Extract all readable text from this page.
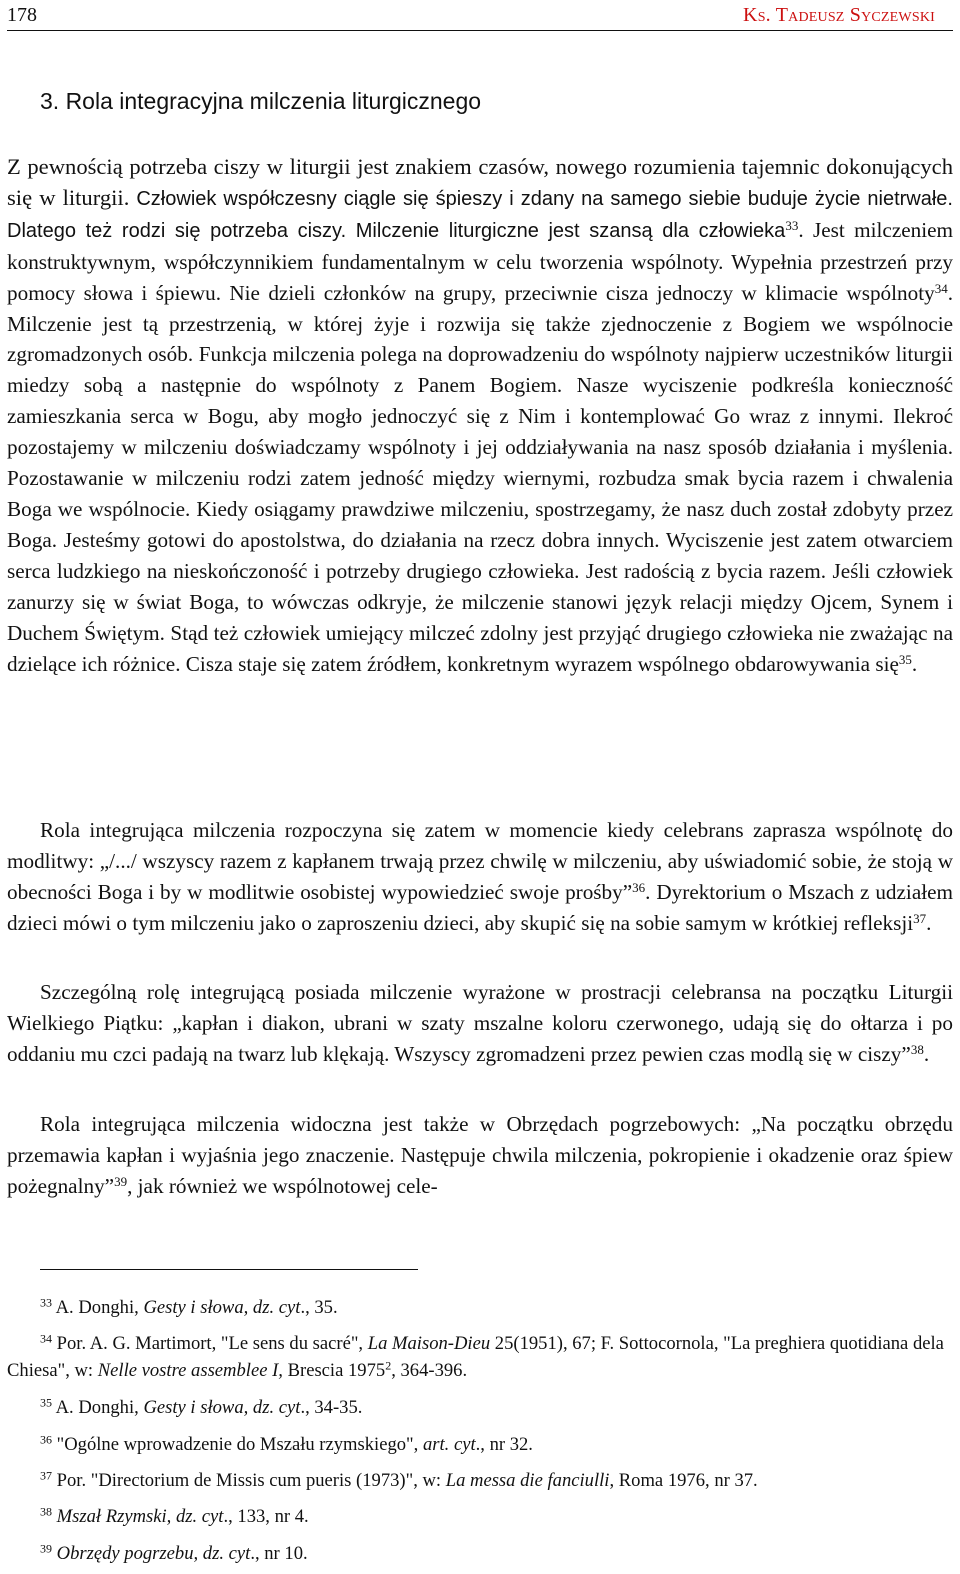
178	Ks. Tadeusz Syczewski
3. Rola integracyjna milczenia liturgicznego
Z pewnością potrzeba ciszy w liturgii jest znakiem czasów, nowego rozumienia tajemnic dokonujących się w liturgii. Człowiek współczesny ciągle się śpieszy i zdany na samego siebie buduje życie nietrwałe. Dlatego też rodzi się potrzeba ciszy. Milczenie liturgiczne jest szansą dla człowieka$^{33}$. Jest milczeniem konstruktywnym, współczynnikiem fundamentalnym w celu tworzenia wspólnoty. Wypełnia przestrzeń przy pomocy słowa i śpiewu. Nie dzieli członków na grupy, przeciwnie cisza jednoczy w klimacie wspólnoty$^{34}$. Milczenie jest tą przestrzenią, w której żyje i rozwija się także zjednoczenie z Bogiem we wspólnocie zgromadzonych osób. Funkcja milczenia polega na doprowadzeniu do wspólnoty najpierw uczestników liturgii miedzy sobą a następnie do wspólnoty z Panem Bogiem. Nasze wyciszenie podkreśla konieczność zamieszkania serca w Bogu, aby mogło jednoczyć się z Nim i kontemplować Go wraz z innymi. Ilekroć pozostajemy w milczeniu doświadczamy wspólnoty i jej oddziaływania na nasz sposób działania i myślenia. Pozostawanie w milczeniu rodzi zatem jedność między wiernymi, rozbudza smak bycia razem i chwalenia Boga we wspólnocie. Kiedy osiągamy prawdziwe milczeniu, spostrzegamy, że nasz duch został zdobyty przez Boga. Jesteśmy gotowi do apostolstwa, do działania na rzecz dobra innych. Wyciszenie jest zatem otwarciem serca ludzkiego na nieskończoność i potrzeby drugiego człowieka. Jest radością z bycia razem. Jeśli człowiek zanurzy się w świat Boga, to wówczas odkryje, że milczenie stanowi język relacji między Ojcem, Synem i Duchem Świętym. Stąd też człowiek umiejący milczeć zdolny jest przyjąć drugiego człowieka nie zważając na dzielące ich różnice. Cisza staje się zatem źródłem, konkretnym wyrazem wspólnego obdarowywania się$^{35}$.
Rola integrująca milczenia rozpoczyna się zatem w momencie kiedy celebrans zaprasza wspólnotę do modlitwy: „/.../ wszyscy razem z kapłanem trwają przez chwilę w milczeniu, aby uświadomić sobie, że stoją w obecności Boga i by w modlitwie osobistej wypowiedzieć swoje prośby”$^{36}$. Dyrektorium o Mszach z udziałem dzieci mówi o tym milczeniu jako o zaproszeniu dzieci, aby skupić się na sobie samym w krótkiej refleksji$^{37}$.
Szczególną rolę integrującą posiada milczenie wyrażone w prostracji celebransa na początku Liturgii Wielkiego Piątku: „kapłan i diakon, ubrani w szaty mszalne koloru czerwonego, udają się do ołtarza i po oddaniu mu czci padają na twarz lub klękają. Wszyscy zgromadzeni przez pewien czas modlą się w ciszy”$^{38}$.
Rola integrująca milczenia widoczna jest także w Obrzędach pogrzebowych: „Na początku obrzędu przemawia kapłan i wyjaśnia jego znaczenie. Następuje chwila milczenia, pokropienie i okadzenie oraz śpiew pożegnalny”$^{39}$, jak również we wspólnotowej cele-
$^{33}$ A. Donghi, Gesty i słowa, dz. cyt., 35.
$^{34}$ Por. A. G. Martimort, "Le sens du sacré", La Maison-Dieu 25(1951), 67; F. Sottocornola, "La preghiera quotidiana dela Chiesa", w: Nelle vostre assemblee I, Brescia 1975$^2$, 364-396.
$^{35}$ A. Donghi, Gesty i słowa, dz. cyt., 34-35.
$^{36}$ "Ogólne wprowadzenie do Mszału rzymskiego", art. cyt., nr 32.
$^{37}$ Por. "Directorium de Missis cum pueris (1973)", w: La messa die fanciulli, Roma 1976, nr 37.
$^{38}$ Mszał Rzymski, dz. cyt., 133, nr 4.
$^{39}$ Obrzędy pogrzebu, dz. cyt., nr 10.
